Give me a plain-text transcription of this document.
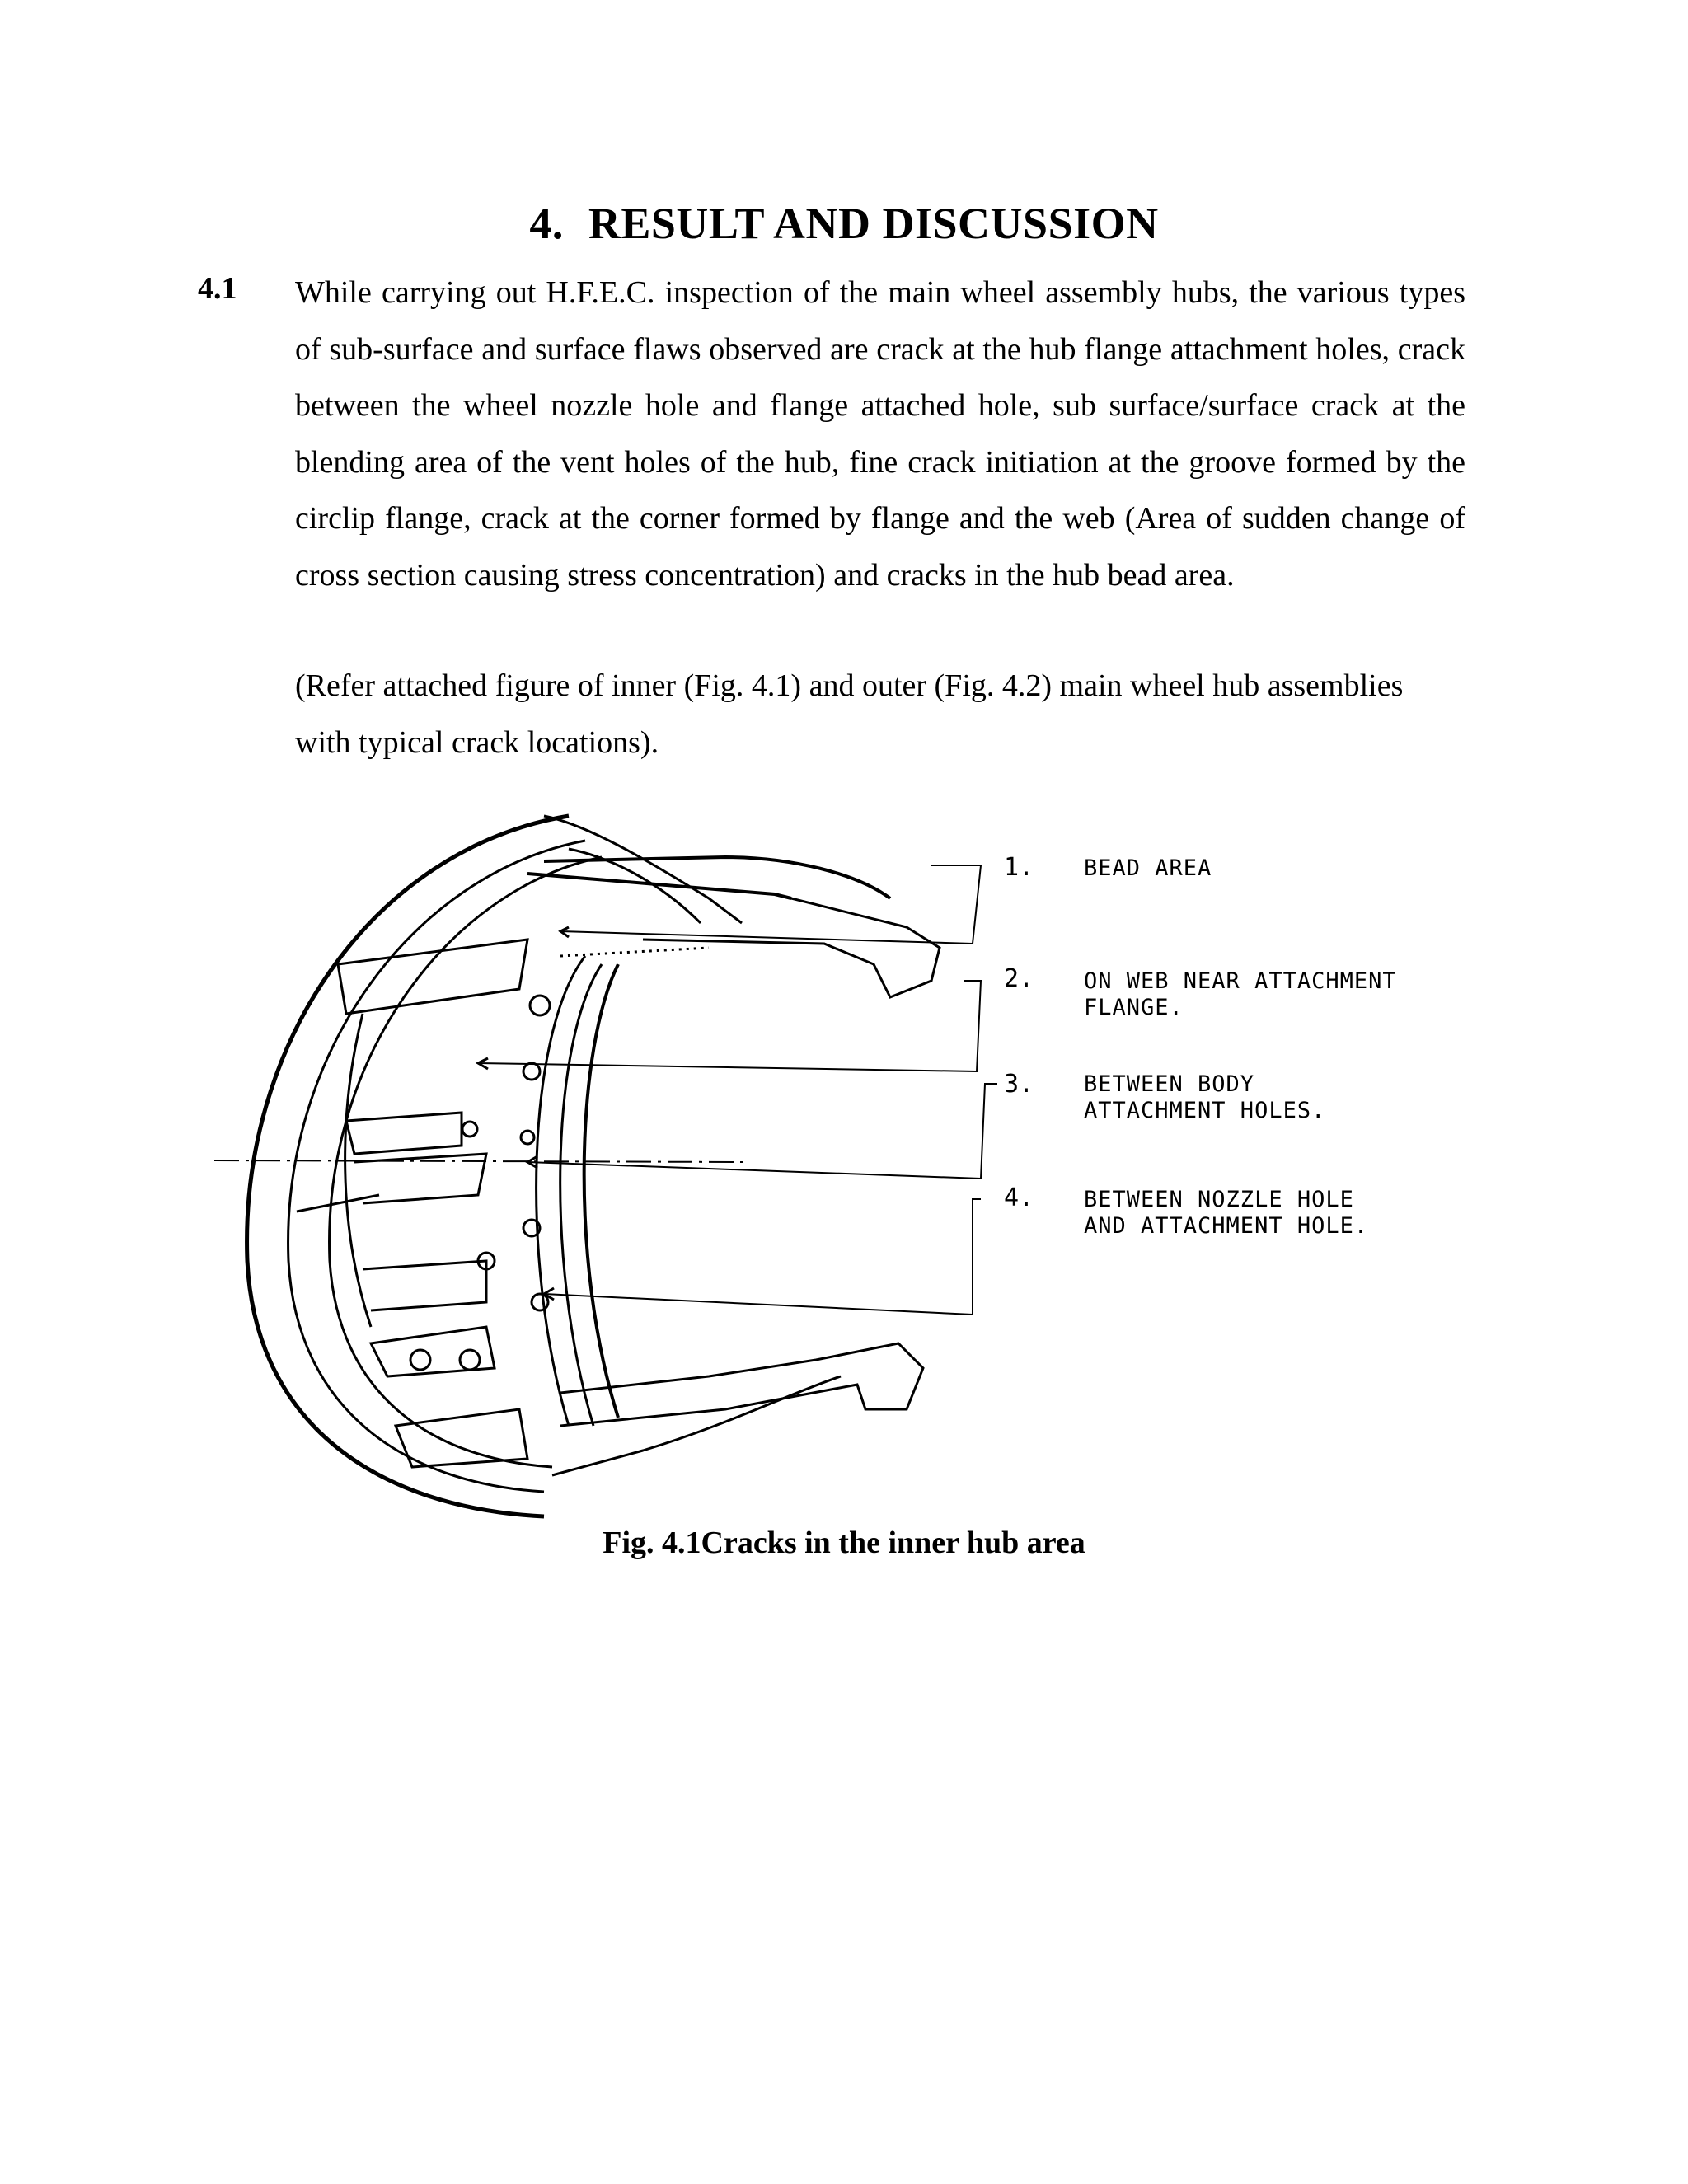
4. RESULT AND DISCUSSION
4.1 While carrying out H.F.E.C. inspection of the main wheel assembly hubs, the various types of sub-surface and surface flaws observed are crack at the hub flange attachment holes, crack between the wheel nozzle hole and flange attached hole, sub surface/surface crack at the blending area of the vent holes of the hub, fine crack initiation at the groove formed by the circlip flange, crack at the corner formed by flange and the web (Area of sudden change of cross section causing stress concentration) and cracks in the hub bead area.
(Refer attached figure of inner (Fig. 4.1) and outer (Fig. 4.2) main wheel hub assemblies with typical crack locations).
1. BEAD AREA
2. ON WEB NEAR ATTACHMENT
FLANGE.
3. BETWEEN BODY
ATTACHMENT HOLES.
4. BETWEEN NOZZLE HOLE
AND ATTACHMENT HOLE.
Fig. 4.1Cracks in the inner hub area
